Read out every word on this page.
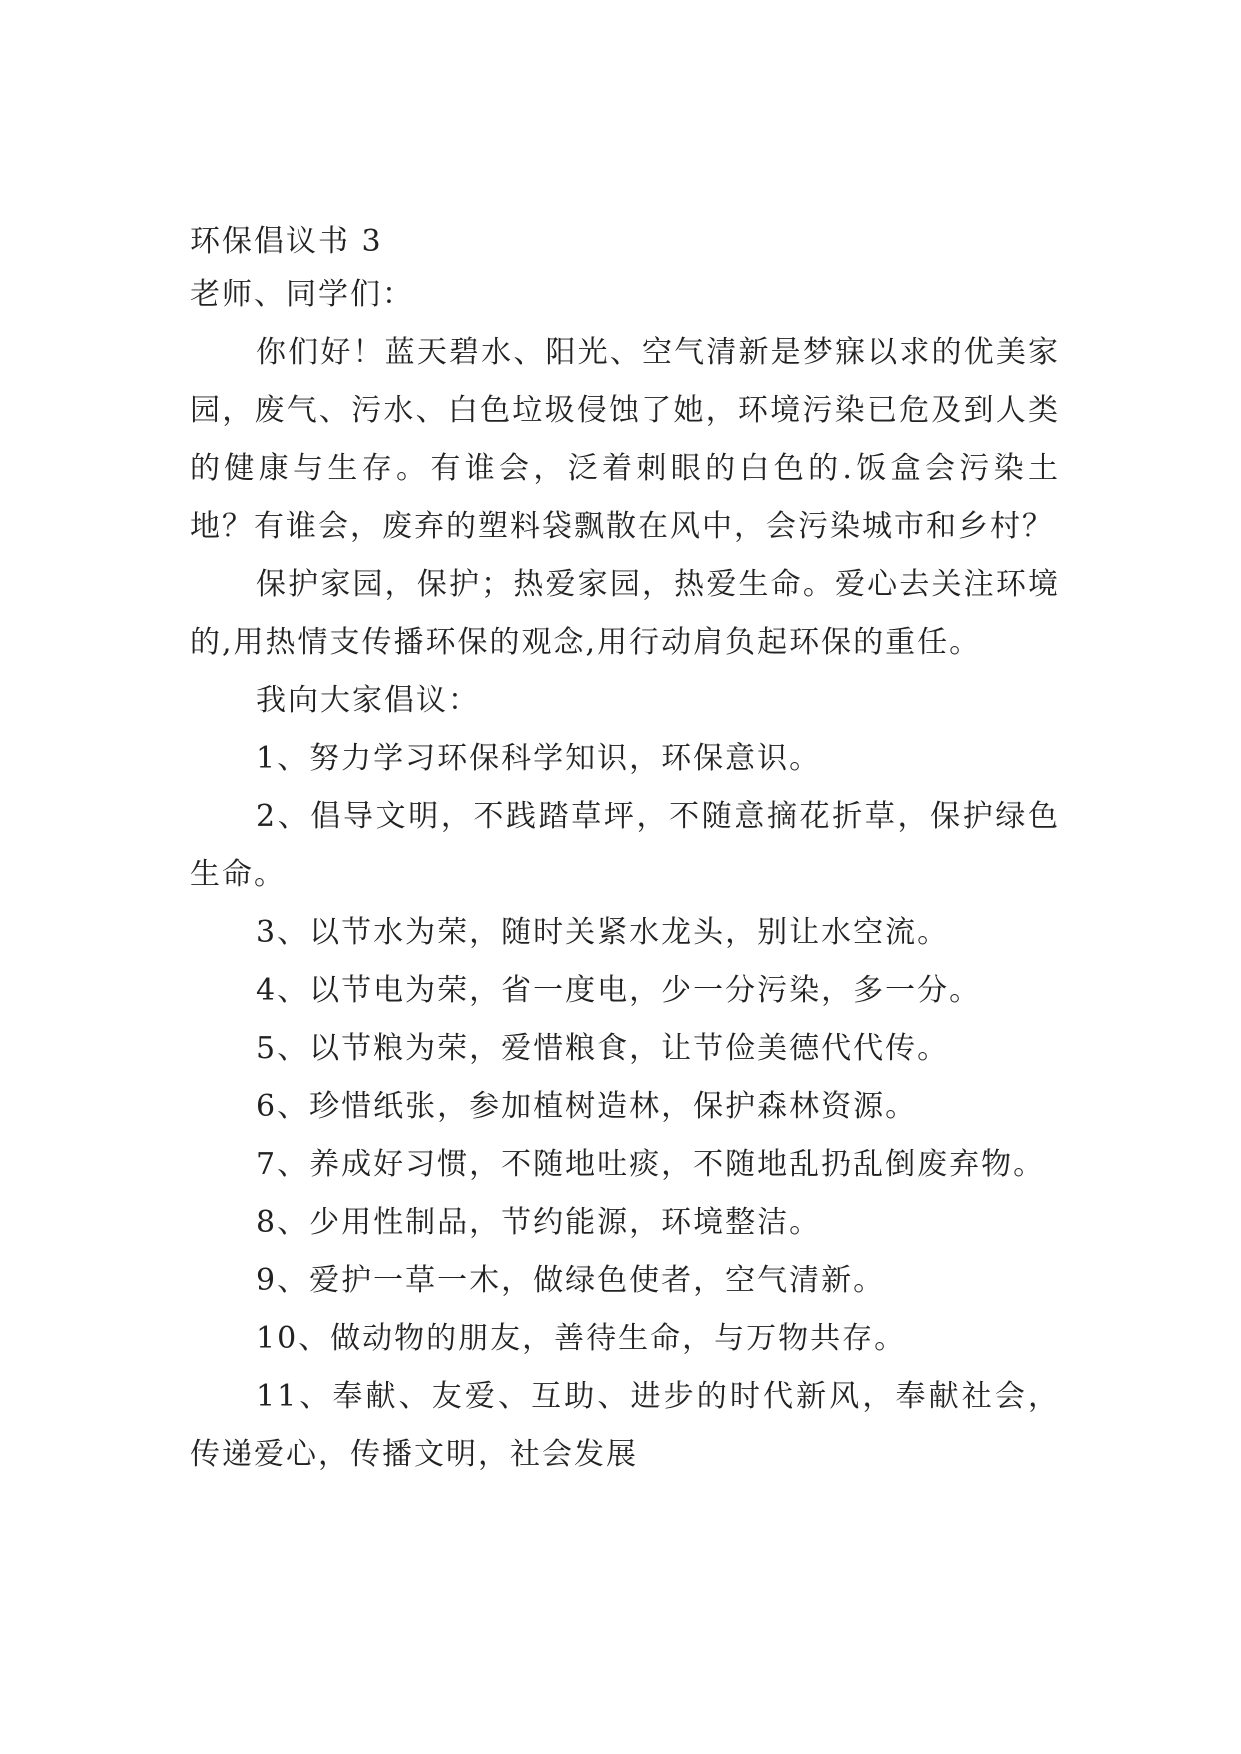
环保倡议书 3
老师、同学们：

你们好！蓝天碧水、阳光、空气清新是梦寐以求的优美家园，废气、污水、白色垃圾侵蚀了她，环境污染已危及到人类的健康与生存。有谁会，泛着刺眼的白色的.饭盒会污染土地？有谁会，废弃的塑料袋飘散在风中，会污染城市和乡村？

保护家园，保护；热爱家园，热爱生命。爱心去关注环境的,用热情支传播环保的观念,用行动肩负起环保的重任。

我向大家倡议：

1、努力学习环保科学知识，环保意识。

2、倡导文明，不践踏草坪，不随意摘花折草，保护绿色生命。

3、以节水为荣，随时关紧水龙头，别让水空流。

4、以节电为荣，省一度电，少一分污染，多一分。

5、以节粮为荣，爱惜粮食，让节俭美德代代传。

6、珍惜纸张，参加植树造林，保护森林资源。

7、养成好习惯，不随地吐痰，不随地乱扔乱倒废弃物。

8、少用性制品，节约能源，环境整洁。

9、爱护一草一木，做绿色使者，空气清新。

10、做动物的朋友，善待生命，与万物共存。

11、奉献、友爱、互助、进步的时代新风，奉献社会，传递爱心，传播文明，社会发展
